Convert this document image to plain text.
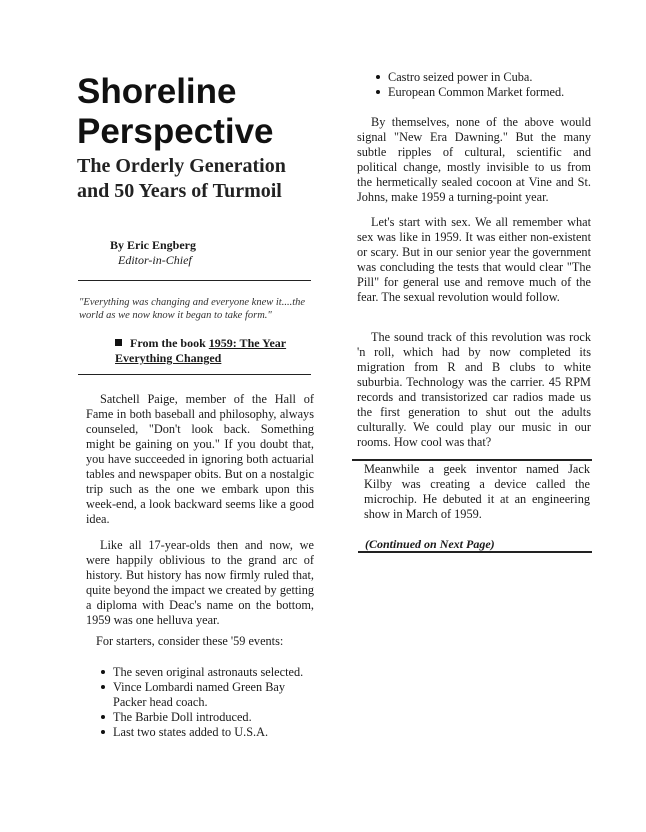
Shoreline
Perspective
The Orderly Generation
and 50 Years of Turmoil
By Eric Engberg
Editor-in-Chief
"Everything was changing and everyone knew it....the world as we now know it began to take form."
From the book 1959: The Year Everything Changed

Satchell Paige, member of the Hall of Fame in both baseball and philosophy, always counseled, "Don't look back. Something might be gaining on you." If you doubt that, you have succeeded in ignoring both actuarial tables and newspaper obits. But on a nostalgic trip such as the one we embark upon this week-end, a look backward seems like a good idea.

Like all 17-year-olds then and now, we were happily oblivious to the grand arc of history. But history has now firmly ruled that, quite beyond the impact we created by getting a diploma with Deac's name on the bottom, 1959 was one helluva year.

For starters, consider these '59 events:

The seven original astronauts selected.
Vince Lombardi named Green Bay Packer head coach.
The Barbie Doll introduced.
Last two states added to U.S.A.
Castro seized power in Cuba.
European Common Market formed.

By themselves, none of the above would signal "New Era Dawning." But the many subtle ripples of cultural, scientific and political change, mostly invisible to us from the hermetically sealed cocoon at Vine and St. Johns, make 1959 a turning-point year.

Let's start with sex. We all remember what sex was like in 1959. It was either non-existent or scary. But in our senior year the government was concluding the tests that would clear "The Pill" for general use and remove much of the fear. The sexual revolution would follow.

The sound track of this revolution was rock 'n roll, which had by now completed its migration from R and B clubs to white suburbia. Technology was the carrier. 45 RPM records and transistorized car radios made us the first generation to shut out the adults culturally. We could play our music in our rooms. How cool was that?

Meanwhile a geek inventor named Jack Kilby was creating a device called the microchip. He debuted it at an engineering show in March of 1959.

(Continued on Next Page)
